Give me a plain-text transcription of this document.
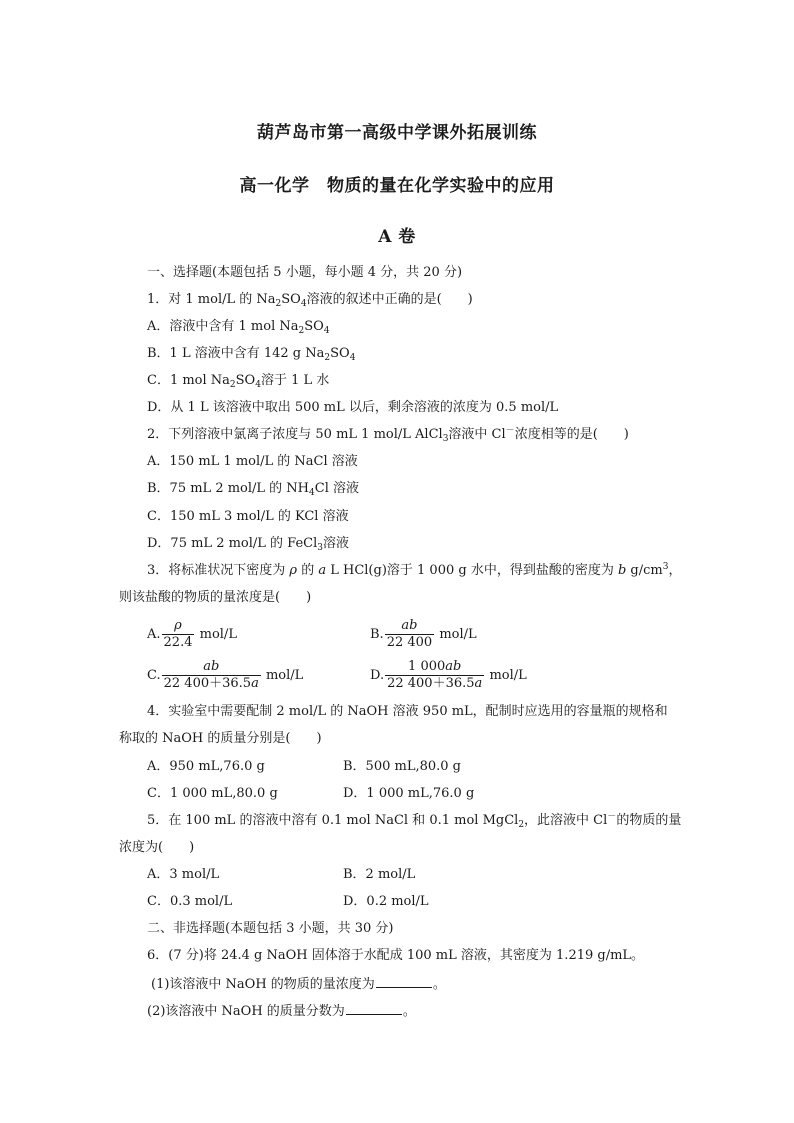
葫芦岛市第一高级中学课外拓展训练
高一化学　物质的量在化学实验中的应用
A 卷
一、选择题(本题包括 5 小题，每小题 4 分，共 20 分)
1．对 1 mol/L 的 $Na_2SO_4$溶液的叙述中正确的是(　　)
A．溶液中含有 1 mol $Na_2SO_4$
B．1 L 溶液中含有 142 g $Na_2SO_4$
C．1 mol $Na_2SO_4$溶于 1 L 水
D．从 1 L 该溶液中取出 500 mL 以后，剩余溶液的浓度为 0.5 mol/L
2．下列溶液中氯离子浓度与 50 mL 1 mol/L AlCl$_3$溶液中 Cl－浓度相等的是(　　)
A．150 mL 1 mol/L 的 NaCl 溶液
B．75 mL 2 mol/L 的 $NH_4Cl$ 溶液
C．150 mL 3 mol/L 的 KCl 溶液
D．75 mL 2 mol/L 的 FeCl$_3$溶液
3．将标准状况下密度为 ρ 的 a L HCl(g)溶于 1 000 g 水中，得到盐酸的密度为 b $g/cm^3$，
则该盐酸的物质的量浓度是(　　)
A. $\frac{\rho}{22.4} mol/L$	B. $\frac{ab}{22 400} mol/L$
C. $\frac{ab}{22 400+36.5a} mol/L$	D. $\frac{1 000ab}{22 400+36.5a} mol/L$
4．实验室中需要配制 2 mol/L 的 NaOH 溶液 950 mL，配制时应选用的容量瓶的规格和
称取的 NaOH 的质量分别是(　　)
A．950 mL,76.0 g	B．500 mL,80.0 g
C．1 000 mL,80.0 g	D．1 000 mL,76.0 g
5．在 100 mL 的溶液中溶有 0.1 mol NaCl 和 0.1 mol MgCl$_2$，此溶液中 Cl－的物质的量
浓度为(　　)
A．3 mol/L	B．2 mol/L
C．0.3 mol/L	D．0.2 mol/L
二、非选择题(本题包括 3 小题，共 30 分)
6．(7 分)将 24.4 g NaOH 固体溶于水配成 100 mL 溶液，其密度为 1.219 g/mL。
(1)该溶液中 NaOH 的物质的量浓度为	。
(2)该溶液中 NaOH 的质量分数为	。
